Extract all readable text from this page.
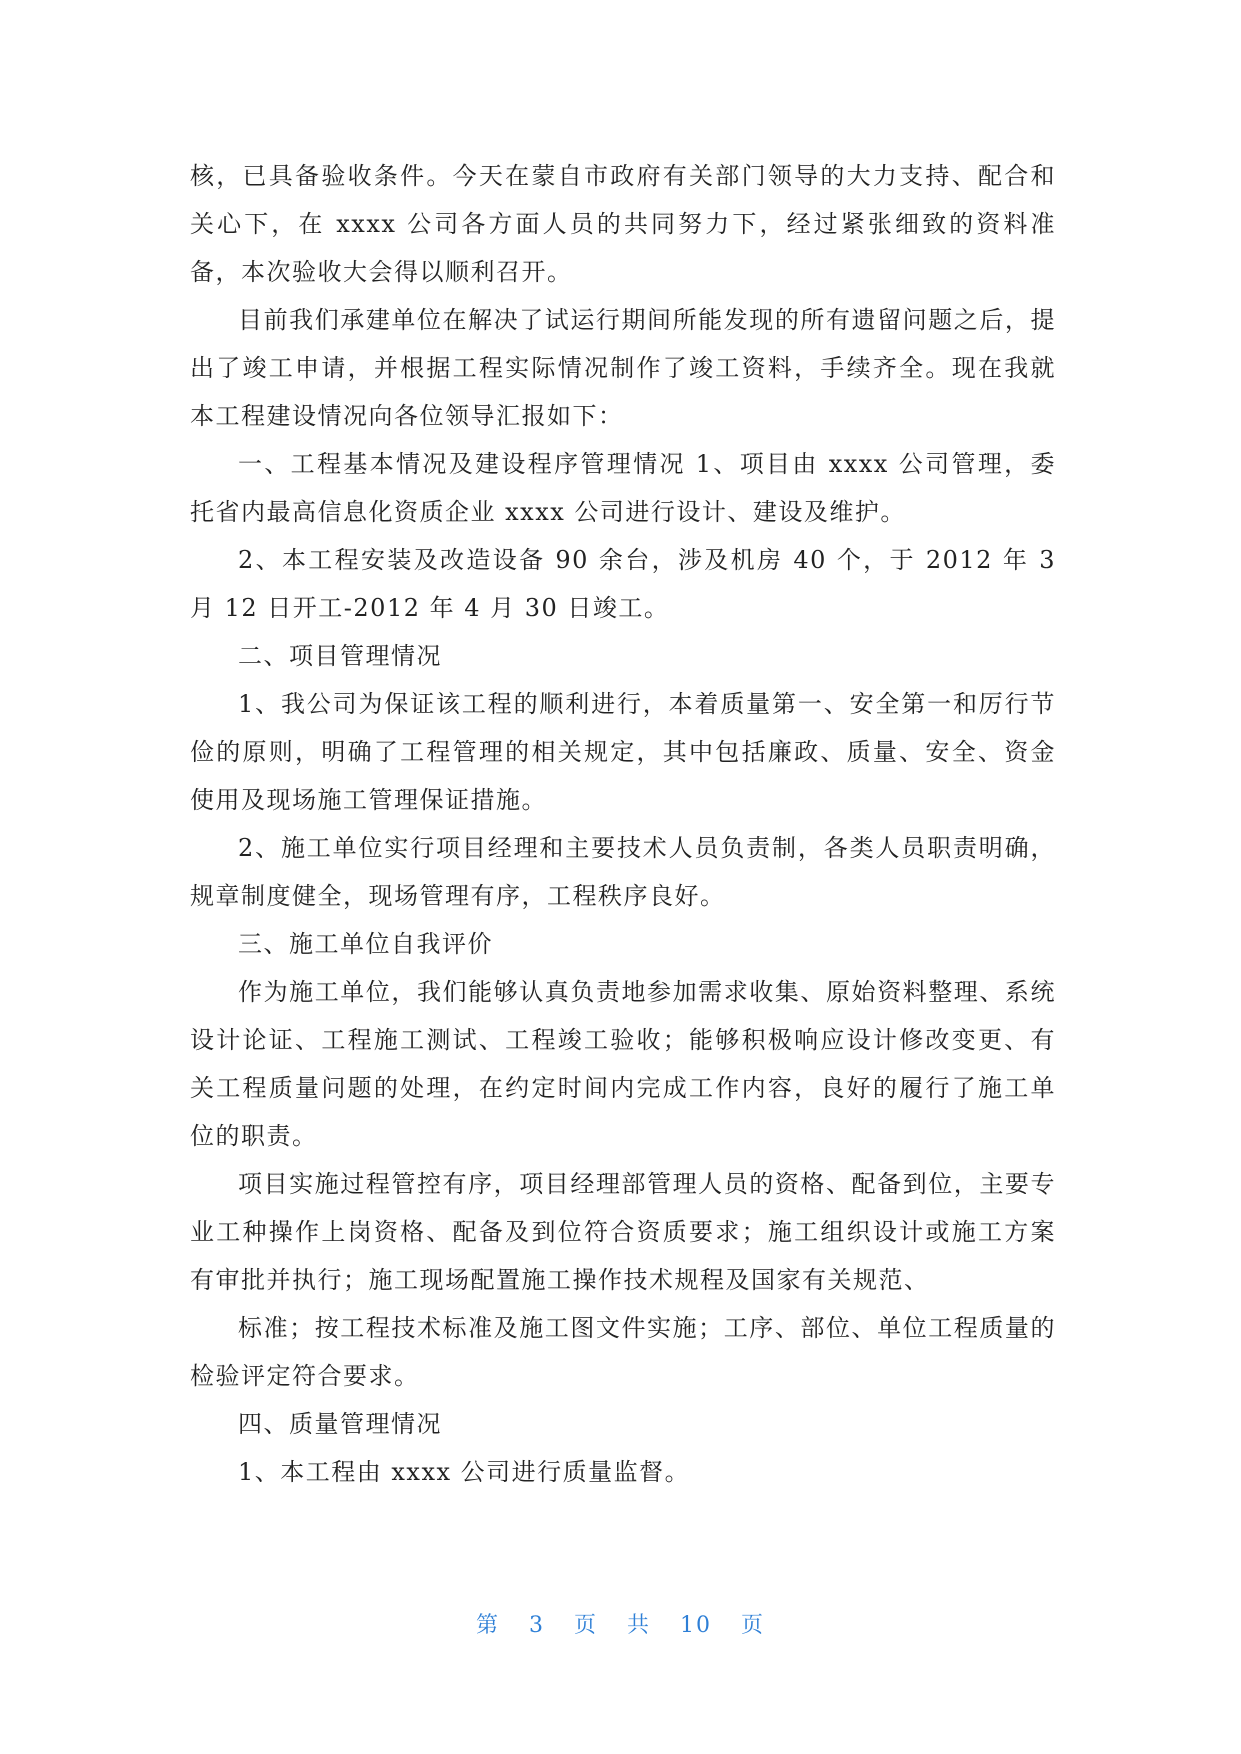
核，已具备验收条件。今天在蒙自市政府有关部门领导的大力支持、配合和关心下，在 xxxx 公司各方面人员的共同努力下，经过紧张细致的资料准备，本次验收大会得以顺利召开。

目前我们承建单位在解决了试运行期间所能发现的所有遗留问题之后，提出了竣工申请，并根据工程实际情况制作了竣工资料，手续齐全。现在我就本工程建设情况向各位领导汇报如下：

一、工程基本情况及建设程序管理情况 1、项目由 xxxx 公司管理，委托省内最高信息化资质企业 xxxx 公司进行设计、建设及维护。

2、本工程安装及改造设备 90 余台，涉及机房 40 个，于 2012 年 3 月 12 日开工-2012 年 4 月 30 日竣工。

二、项目管理情况

1、我公司为保证该工程的顺利进行，本着质量第一、安全第一和厉行节俭的原则，明确了工程管理的相关规定，其中包括廉政、质量、安全、资金使用及现场施工管理保证措施。

2、施工单位实行项目经理和主要技术人员负责制，各类人员职责明确，规章制度健全，现场管理有序，工程秩序良好。

三、施工单位自我评价

作为施工单位，我们能够认真负责地参加需求收集、原始资料整理、系统设计论证、工程施工测试、工程竣工验收；能够积极响应设计修改变更、有关工程质量问题的处理，在约定时间内完成工作内容，良好的履行了施工单位的职责。

项目实施过程管控有序，项目经理部管理人员的资格、配备到位，主要专业工种操作上岗资格、配备及到位符合资质要求；施工组织设计或施工方案有审批并执行；施工现场配置施工操作技术规程及国家有关规范、

标准；按工程技术标准及施工图文件实施；工序、部位、单位工程质量的检验评定符合要求。

四、质量管理情况

1、本工程由 xxxx 公司进行质量监督。

第 3 页 共 10 页
